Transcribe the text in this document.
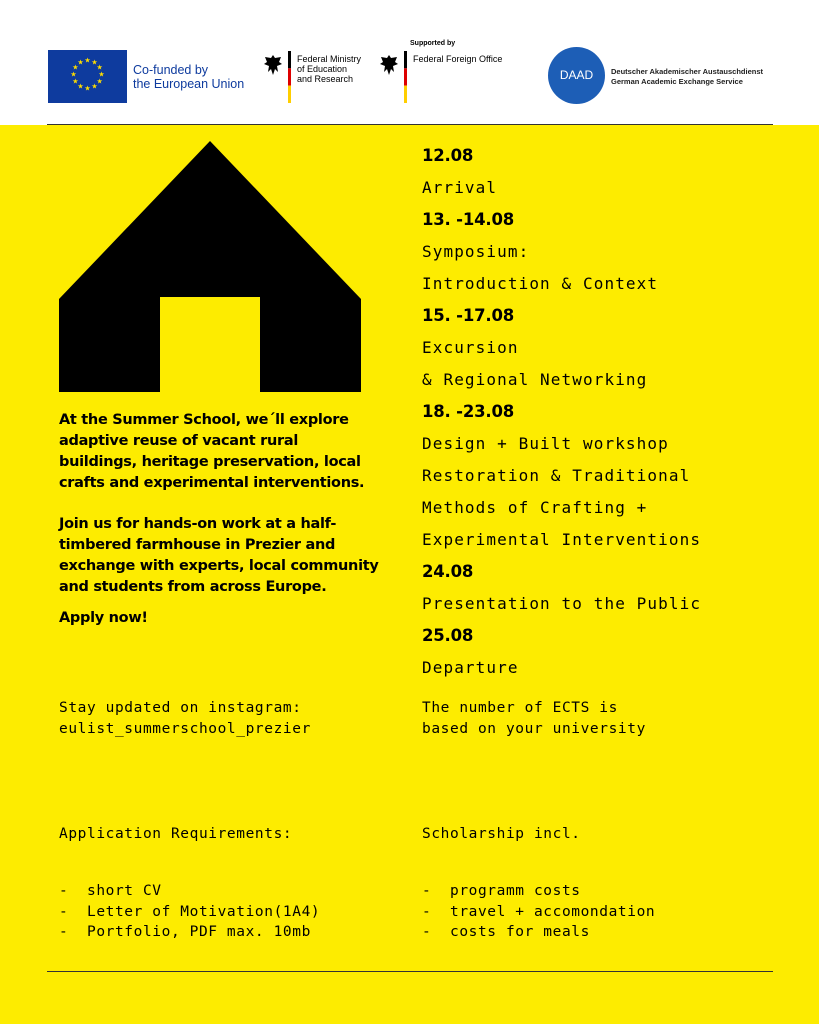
★ ★
★
★
★
★
★
★
★
★
★
★
Co-funded by
the European Union
Federal Ministry
of Education
and Research
Supported by
Federal Foreign Office
DAAD	Deutscher Akademischer Austauschdienst
German Academic Exchange Service

At the Summer School, we´ll explore adaptive reuse of vacant rural buildings, heritage preservation, local crafts and experimental interventions.

Join us for hands-on work at a half-timbered farmhouse in Prezier and exchange with experts, local community and students from across Europe.

Apply now!

12.08
Arrival
13. -14.08
Symposium:
Introduction & Context
15. -17.08
Excursion
& Regional Networking
18. -23.08
Design + Built workshop
Restoration & Traditional
Methods of Crafting +
Experimental Interventions
24.08
Presentation to the Public
25.08
Departure
Stay updated on instagram:
eulist_summerschool_prezier
The number of ECTS is
based on your university
Application Requirements:	Scholarship incl.
-  short CV
-  Letter of Motivation(1A4)
-  Portfolio, PDF max. 10mb
-  programm costs
-  travel + accomondation
-  costs for meals
